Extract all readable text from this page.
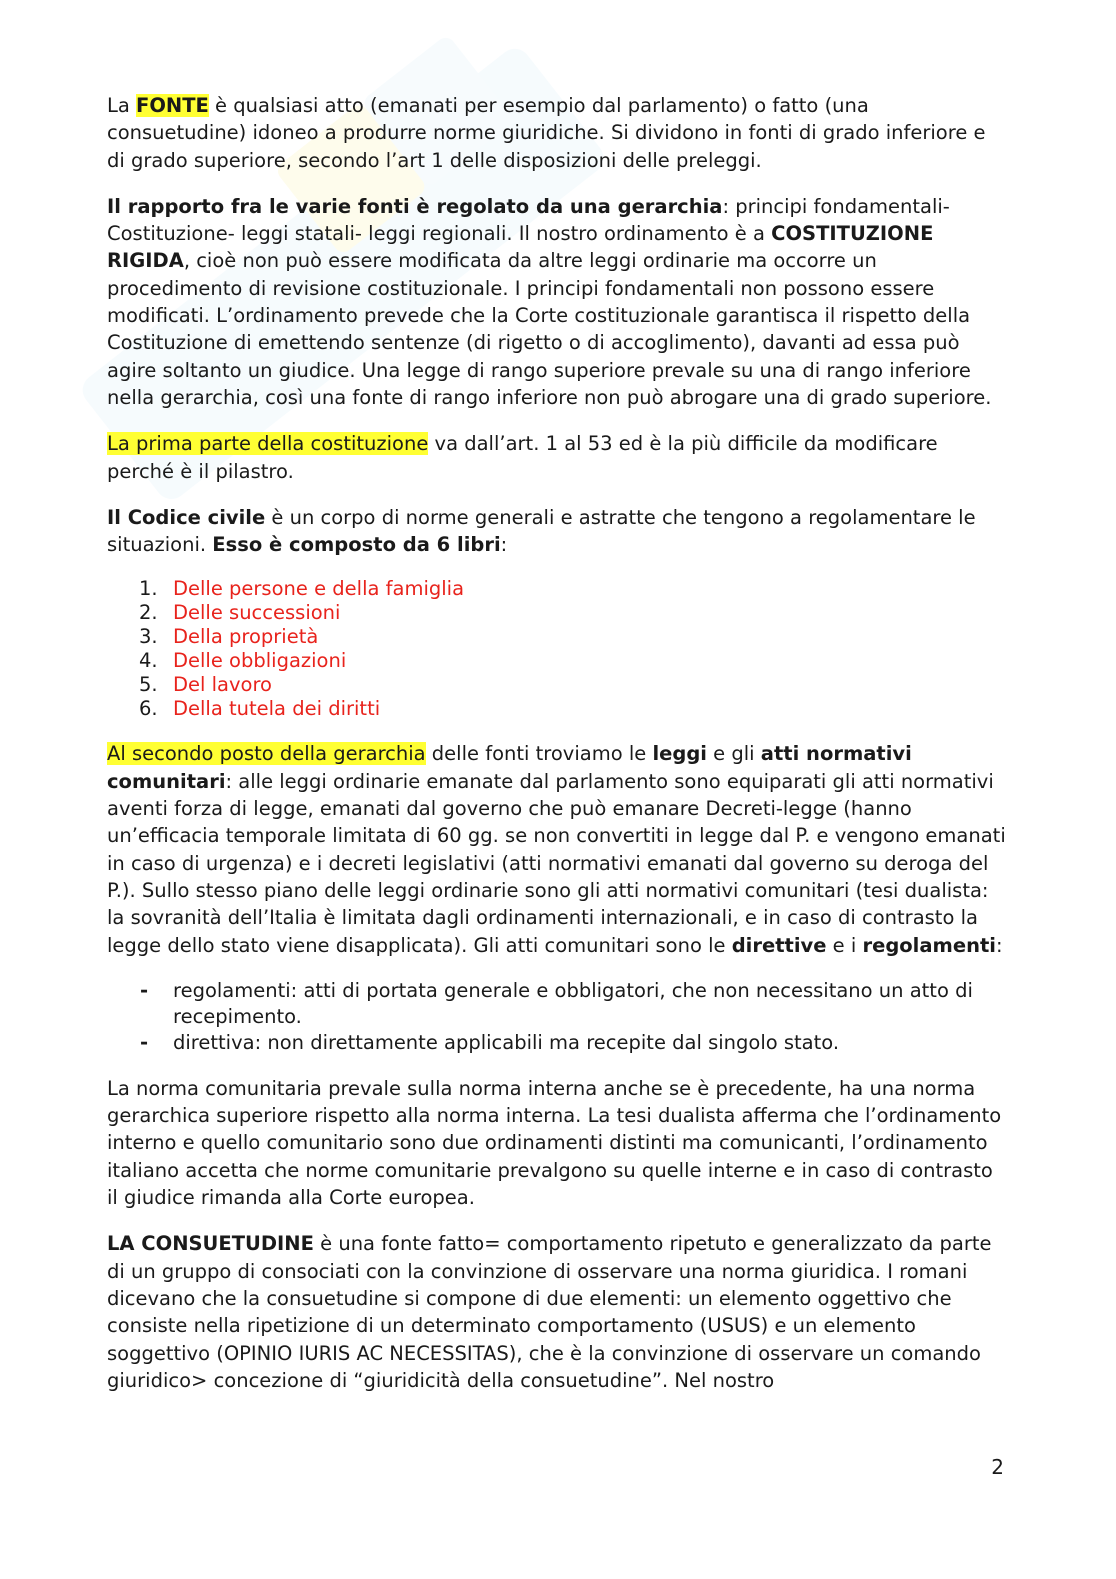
La FONTE è qualsiasi atto (emanati per esempio dal parlamento) o fatto (una consuetudine) idoneo a produrre norme giuridiche. Si dividono in fonti di grado inferiore e di grado superiore, secondo l’art 1 delle disposizioni delle preleggi.

Il rapporto fra le varie fonti è regolato da una gerarchia: principi fondamentali- Costituzione- leggi statali- leggi regionali. Il nostro ordinamento è a COSTITUZIONE RIGIDA, cioè non può essere modificata da altre leggi ordinarie ma occorre un procedimento di revisione costituzionale. I principi fondamentali non possono essere modificati. L’ordinamento prevede che la Corte costituzionale garantisca il rispetto della Costituzione di emettendo sentenze (di rigetto o di accoglimento), davanti ad essa può agire soltanto un giudice. Una legge di rango superiore prevale su una di rango inferiore nella gerarchia, così una fonte di rango inferiore non può abrogare una di grado superiore.

La prima parte della costituzione va dall’art. 1 al 53 ed è la più difficile da modificare perché è il pilastro.

Il Codice civile è un corpo di norme generali e astratte che tengono a regolamentare le situazioni. Esso è composto da 6 libri:

1. Delle persone e della famiglia
2. Delle successioni
3. Della proprietà
4. Delle obbligazioni
5. Del lavoro
6. Della tutela dei diritti

Al secondo posto della gerarchia delle fonti troviamo le leggi e gli atti normativi comunitari: alle leggi ordinarie emanate dal parlamento sono equiparati gli atti normativi aventi forza di legge, emanati dal governo che può emanare Decreti-legge (hanno un’efficacia temporale limitata di 60 gg. se non convertiti in legge dal P. e vengono emanati in caso di urgenza) e i decreti legislativi (atti normativi emanati dal governo su deroga del P.). Sullo stesso piano delle leggi ordinarie sono gli atti normativi comunitari (tesi dualista: la sovranità dell’Italia è limitata dagli ordinamenti internazionali, e in caso di contrasto la legge dello stato viene disapplicata). Gli atti comunitari sono le direttive e i regolamenti:

- regolamenti: atti di portata generale e obbligatori, che non necessitano un atto di recepimento.
- direttiva: non direttamente applicabili ma recepite dal singolo stato.

La norma comunitaria prevale sulla norma interna anche se è precedente, ha una norma gerarchica superiore rispetto alla norma interna. La tesi dualista afferma che l’ordinamento interno e quello comunitario sono due ordinamenti distinti ma comunicanti, l’ordinamento italiano accetta che norme comunitarie prevalgono su quelle interne e in caso di contrasto il giudice rimanda alla Corte europea.

LA CONSUETUDINE è una fonte fatto= comportamento ripetuto e generalizzato da parte di un gruppo di consociati con la convinzione di osservare una norma giuridica. I romani dicevano che la consuetudine si compone di due elementi: un elemento oggettivo che consiste nella ripetizione di un determinato comportamento (USUS) e un elemento soggettivo (OPINIO IURIS AC NECESSITAS), che è la convinzione di osservare un comando giuridico> concezione di “giuridicità della consuetudine”. Nel nostro

2
